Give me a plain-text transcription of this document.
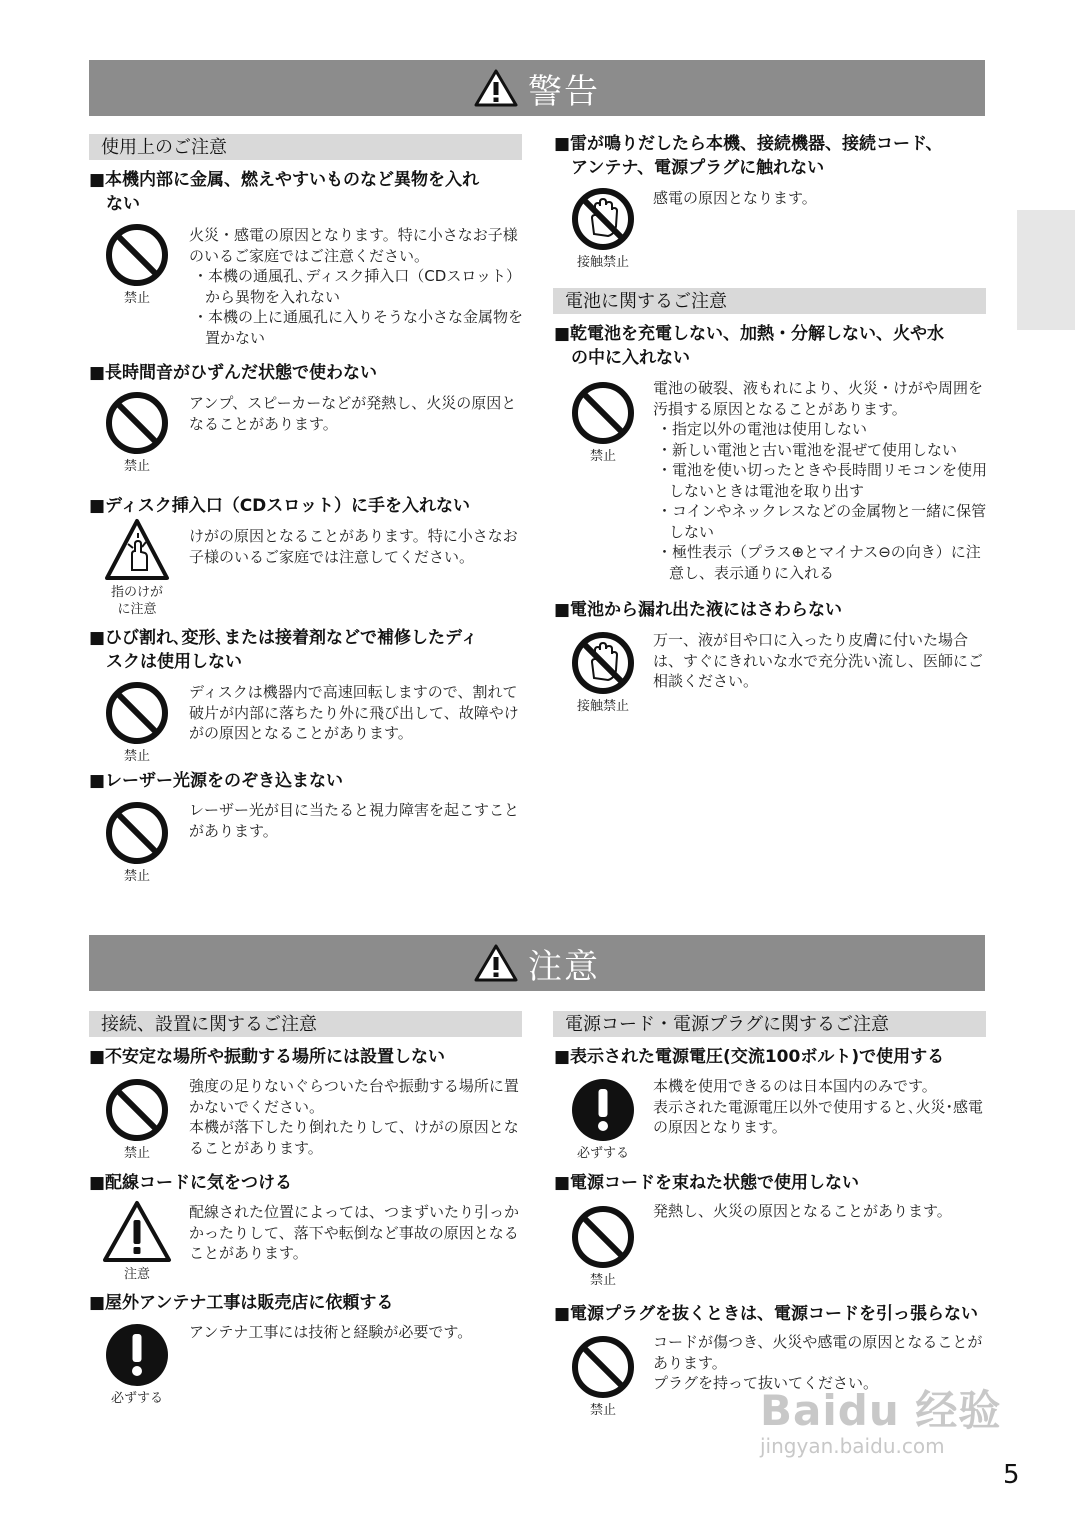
警告
使用上のご注意
■本機内部に金属、燃えやすいものなど異物を入れ
　ない
禁止
火災・感電の原因となります。特に小さなお子様のいるご家庭ではご注意ください。
・本機の通風孔､ディスク挿入口（CDスロット）から異物を入れない
・本機の上に通風孔に入りそうな小さな金属物を置かない
■長時間音がひずんだ状態で使わない
禁止
アンプ、スピーカーなどが発熱し、火災の原因となることがあります。
■ディスク挿入口（CDスロット）に手を入れない
指のけが
に注意
けがの原因となることがあります。特に小さなお子様のいるご家庭では注意してください。
■ひび割れ､変形､または接着剤などで補修したディ
　スクは使用しない
禁止
ディスクは機器内で高速回転しますので、割れて破片が内部に落ちたり外に飛び出して、故障やけがの原因となることがあります。
■レーザー光源をのぞき込まない
禁止
レーザー光が目に当たると視力障害を起こすことがあります。
■雷が鳴りだしたら本機、接続機器、接続コード、
　アンテナ、電源プラグに触れない
接触禁止
感電の原因となります。
電池に関するご注意
■乾電池を充電しない、加熱・分解しない、火や水
　の中に入れない
禁止
電池の破裂、液もれにより、火災・けがや周囲を汚損する原因となることがあります。
・指定以外の電池は使用しない
・新しい電池と古い電池を混ぜて使用しない
・電池を使い切ったときや長時間リモコンを使用しないときは電池を取り出す
・コインやネックレスなどの金属物と一緒に保管しない
・極性表示（プラス⊕とマイナス⊖の向き）に注意し、表示通りに入れる
■電池から漏れ出た液にはさわらない
接触禁止
万一、液が目や口に入ったり皮膚に付いた場合は、すぐにきれいな水で充分洗い流し、医師にご相談ください。
注意
接続、設置に関するご注意
■不安定な場所や振動する場所には設置しない
禁止
強度の足りないぐらついた台や振動する場所に置かないでください。
本機が落下したり倒れたりして、けがの原因となることがあります。
■配線コードに気をつける
注意
配線された位置によっては、つまずいたり引っかかったりして、落下や転倒など事故の原因となることがあります。
■屋外アンテナ工事は販売店に依頼する
必ずする
アンテナ工事には技術と経験が必要です。
電源コード・電源プラグに関するご注意
■表示された電源電圧(交流100ボルト)で使用する
必ずする
本機を使用できるのは日本国内のみです。
表示された電源電圧以外で使用すると､火災･感電の原因となります。
■電源コードを束ねた状態で使用しない
禁止
発熱し、火災の原因となることがあります。
■電源プラグを抜くときは、電源コードを引っ張らない
禁止
コードが傷つき、火災や感電の原因となることがあります。
プラグを持って抜いてください。
Baidu 经验
jingyan.baidu.com
5
